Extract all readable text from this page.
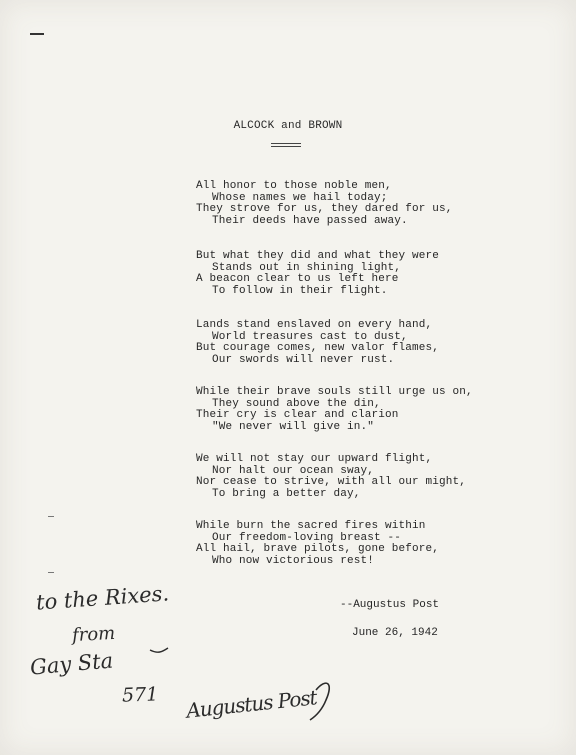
ALCOCK and BROWN
All honor to those noble men,
Whose names we hail today;
They strove for us, they dared for us,
Their deeds have passed away.
But what they did and what they were
Stands out in shining light,
A beacon clear to us left here
To follow in their flight.
Lands stand enslaved on every hand,
World treasures cast to dust,
But courage comes, new valor flames,
Our swords will never rust.
While their brave souls still urge us on,
They sound above the din,
Their cry is clear and clarion
"We never will give in."
We will not stay our upward flight,
Nor halt our ocean sway,
Nor cease to strive, with all our might,
To bring a better day,
While burn the sacred fires within
Our freedom-loving breast --
All hail, brave pilots, gone before,
Who now victorious rest!
--Augustus Post
June 26, 1942
to the Rixes.
from
Gay Sta
571 Augustus Post
